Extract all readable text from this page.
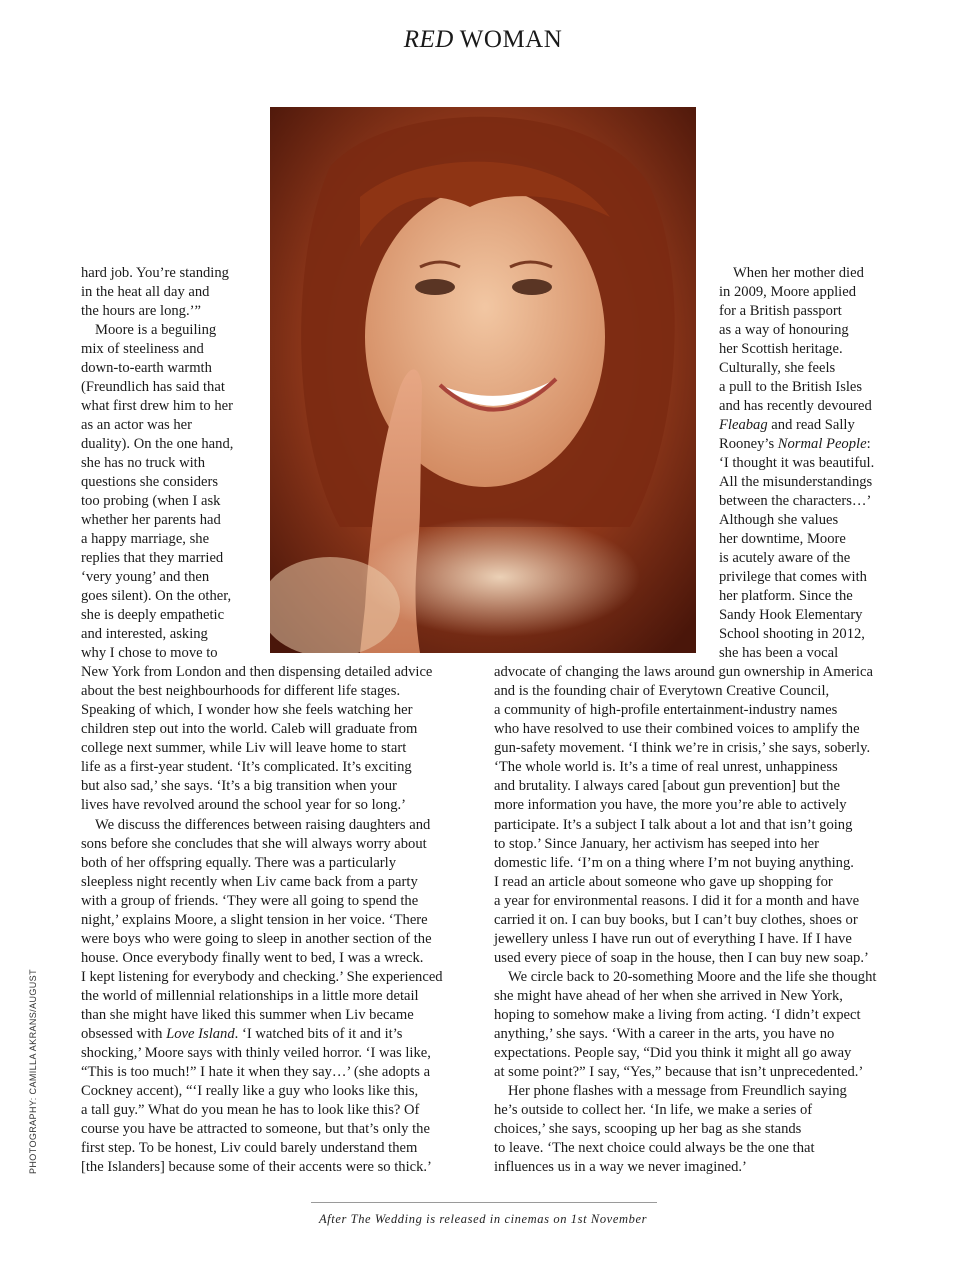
RED WOMAN
hard job. You’re standing
in the heat all day and
the hours are long.’”
Moore is a beguiling
mix of steeliness and
down-to-earth warmth
(Freundlich has said that
what first drew him to her
as an actor was her
duality). On the one hand,
she has no truck with
questions she considers
too probing (when I ask
whether her parents had
a happy marriage, she
replies that they married
‘very young’ and then
goes silent). On the other,
she is deeply empathetic
and interested, asking
why I chose to move to
New York from London and then dispensing detailed advice
about the best neighbourhoods for different life stages.
Speaking of which, I wonder how she feels watching her
children step out into the world. Caleb will graduate from
college next summer, while Liv will leave home to start
life as a first-year student. ‘It’s complicated. It’s exciting
but also sad,’ she says. ‘It’s a big transition when your
lives have revolved around the school year for so long.’
We discuss the differences between raising daughters and
sons before she concludes that she will always worry about
both of her offspring equally. There was a particularly
sleepless night recently when Liv came back from a party
with a group of friends. ‘They were all going to spend the
night,’ explains Moore, a slight tension in her voice. ‘There
were boys who were going to sleep in another section of the
house. Once everybody finally went to bed, I was a wreck.
I kept listening for everybody and checking.’ She experienced
the world of millennial relationships in a little more detail
than she might have liked this summer when Liv became
obsessed with Love Island. ‘I watched bits of it and it’s
shocking,’ Moore says with thinly veiled horror. ‘I was like,
“This is too much!” I hate it when they say…’ (she adopts a
Cockney accent), “‘I really like a guy who looks like this,
a tall guy.” What do you mean he has to look like this? Of
course you have be attracted to someone, but that’s only the
first step. To be honest, Liv could barely understand them
[the Islanders] because some of their accents were so thick.’
When her mother died
in 2009, Moore applied
for a British passport
as a way of honouring
her Scottish heritage.
Culturally, she feels
a pull to the British Isles
and has recently devoured
Fleabag and read Sally
Rooney’s Normal People:
‘I thought it was beautiful.
All the misunderstandings
between the characters…’
Although she values
her downtime, Moore
is acutely aware of the
privilege that comes with
her platform. Since the
Sandy Hook Elementary
School shooting in 2012,
she has been a vocal
advocate of changing the laws around gun ownership in America
and is the founding chair of Everytown Creative Council,
a community of high-profile entertainment-industry names
who have resolved to use their combined voices to amplify the
gun-safety movement. ‘I think we’re in crisis,’ she says, soberly.
‘The whole world is. It’s a time of real unrest, unhappiness
and brutality. I always cared [about gun prevention] but the
more information you have, the more you’re able to actively
participate. It’s a subject I talk about a lot and that isn’t going
to stop.’ Since January, her activism has seeped into her
domestic life. ‘I’m on a thing where I’m not buying anything.
I read an article about someone who gave up shopping for
a year for environmental reasons. I did it for a month and have
carried it on. I can buy books, but I can’t buy clothes, shoes or
jewellery unless I have run out of everything I have. If I have
used every piece of soap in the house, then I can buy new soap.’
We circle back to 20-something Moore and the life she thought
she might have ahead of her when she arrived in New York,
hoping to somehow make a living from acting. ‘I didn’t expect
anything,’ she says. ‘With a career in the arts, you have no
expectations. People say, “Did you think it might all go away
at some point?” I say, “Yes,” because that isn’t unprecedented.’
Her phone flashes with a message from Freundlich saying
he’s outside to collect her. ‘In life, we make a series of
choices,’ she says, scooping up her bag as she stands
to leave. ‘The next choice could always be the one that
influences us in a way we never imagined.’
PHOTOGRAPHY: CAMILLA AKRANS/AUGUST
After The Wedding is released in cinemas on 1st November
